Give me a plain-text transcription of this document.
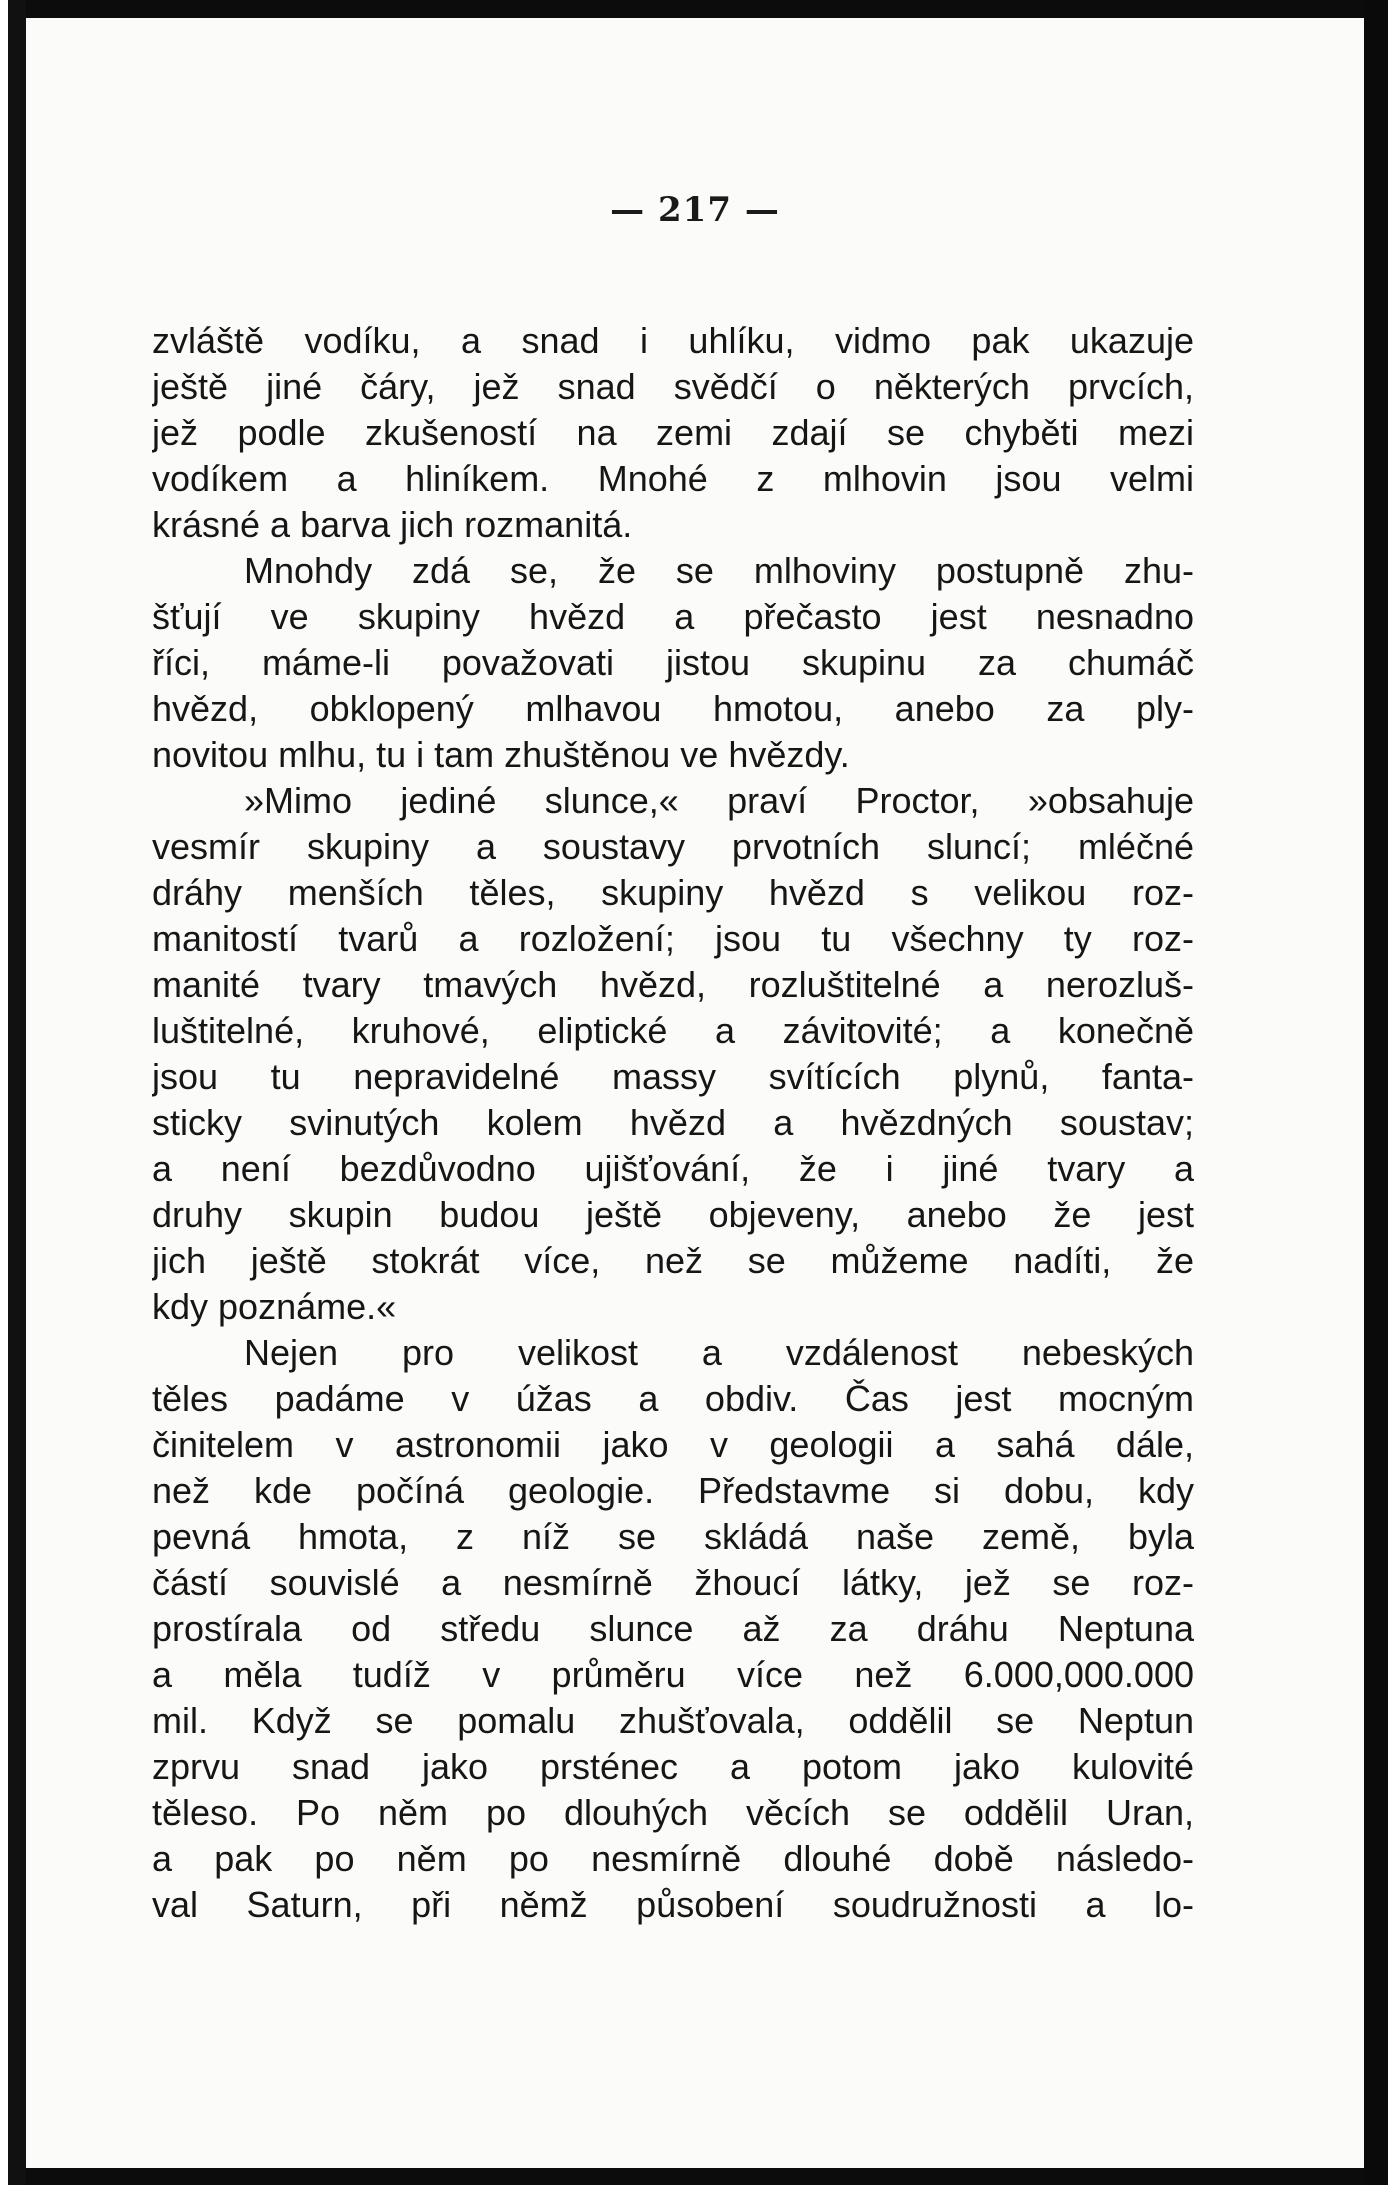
— 217 —
zvláště vodíku, a snad i uhlíku, vidmo pak ukazuje
ještě jiné čáry, jež snad svědčí o některých prvcích,
jež podle zkušeností na zemi zdají se chyběti mezi
vodíkem a hliníkem. Mnohé z mlhovin jsou velmi
krásné a barva jich rozmanitá.
Mnohdy zdá se, že se mlhoviny postupně zhu-
šťují ve skupiny hvězd a přečasto jest nesnadno
říci, máme-li považovati jistou skupinu za chumáč
hvězd, obklopený mlhavou hmotou, anebo za ply-
novitou mlhu, tu i tam zhuštěnou ve hvězdy.
»Mimo jediné slunce,« praví Proctor, »obsahuje
vesmír skupiny a soustavy prvotních sluncí; mléčné
dráhy menších těles, skupiny hvězd s velikou roz-
manitostí tvarů a rozložení; jsou tu všechny ty roz-
manité tvary tmavých hvězd, rozluštitelné a nerozluš-
luštitelné, kruhové, eliptické a závitovité; a konečně
jsou tu nepravidelné massy svítících plynů, fanta-
sticky svinutých kolem hvězd a hvězdných soustav;
a není bezdůvodno ujišťování, že i jiné tvary a
druhy skupin budou ještě objeveny, anebo že jest
jich ještě stokrát více, než se můžeme nadíti, že
kdy poznáme.«
Nejen pro velikost a vzdálenost nebeských
těles padáme v úžas a obdiv. Čas jest mocným
činitelem v astronomii jako v geologii a sahá dále,
než kde počíná geologie. Představme si dobu, kdy
pevná hmota, z níž se skládá naše země, byla
částí souvislé a nesmírně žhoucí látky, jež se roz-
prostírala od středu slunce až za dráhu Neptuna
a měla tudíž v průměru více než 6.000,000.000
mil. Když se pomalu zhušťovala, oddělil se Neptun
zprvu snad jako prsténec a potom jako kulovité
těleso. Po něm po dlouhých věcích se oddělil Uran,
a pak po něm po nesmírně dlouhé době následo-
val Saturn, při němž působení soudružnosti a lo-
